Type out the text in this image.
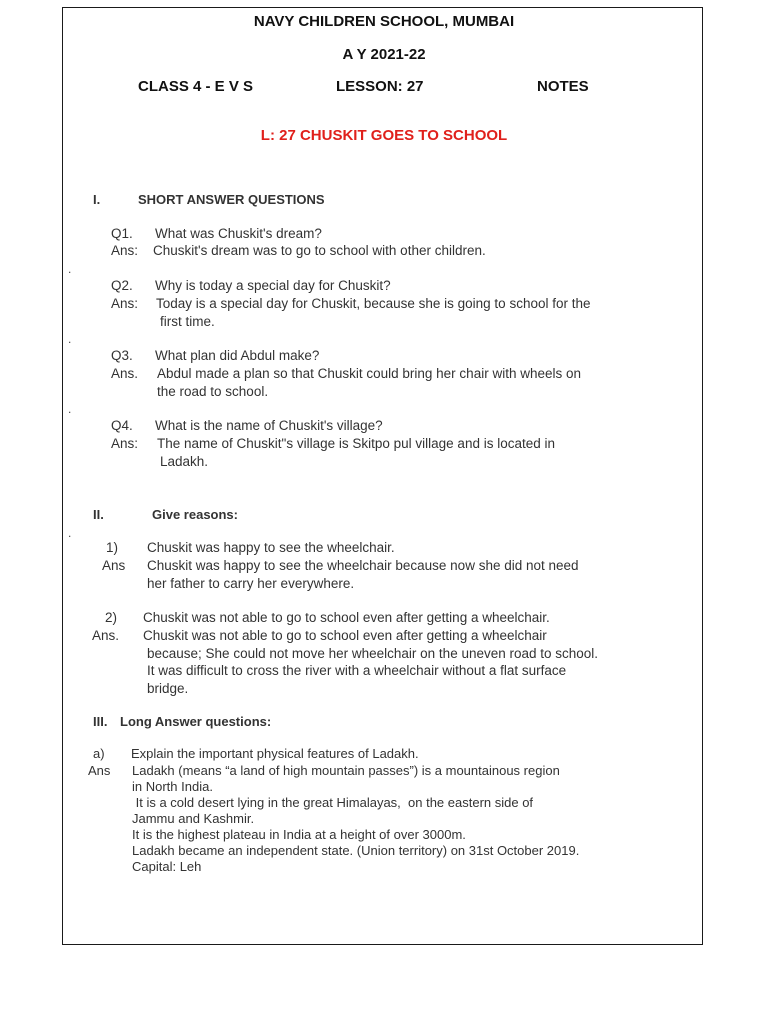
NAVY CHILDREN SCHOOL, MUMBAI
A Y 2021-22
CLASS 4 - E V S	LESSON: 27	NOTES
L: 27 CHUSKIT GOES TO SCHOOL
I.	SHORT ANSWER QUESTIONS
Q1. What was Chuskit's dream?
Ans: Chuskit's dream was to go to school with other children.
.
Q2. Why is today a special day for Chuskit?
Ans: Today is a special day for Chuskit, because she is going to school for the
first time.
.
Q3. What plan did Abdul make?
Ans. Abdul made a plan so that Chuskit could bring her chair with wheels on
the road to school.
.
Q4. What is the name of Chuskit's village?
Ans: The name of Chuskit"s village is Skitpo pul village and is located in
Ladakh.
II.	Give reasons:
.
1) Chuskit was happy to see the wheelchair.
Ans Chuskit was happy to see the wheelchair because now she did not need
her father to carry her everywhere.
2) Chuskit was not able to go to school even after getting a wheelchair.
Ans. Chuskit was not able to go to school even after getting a wheelchair
because; She could not move her wheelchair on the uneven road to school.
It was difficult to cross the river with a wheelchair without a flat surface
bridge.
III. Long Answer questions:
a) Explain the important physical features of Ladakh.
Ans Ladakh (means “a land of high mountain passes”) is a mountainous region
in North India.
It is a cold desert lying in the great Himalayas,  on the eastern side of
Jammu and Kashmir.
It is the highest plateau in India at a height of over 3000m.
Ladakh became an independent state. (Union territory) on 31st October 2019.
Capital: Leh
